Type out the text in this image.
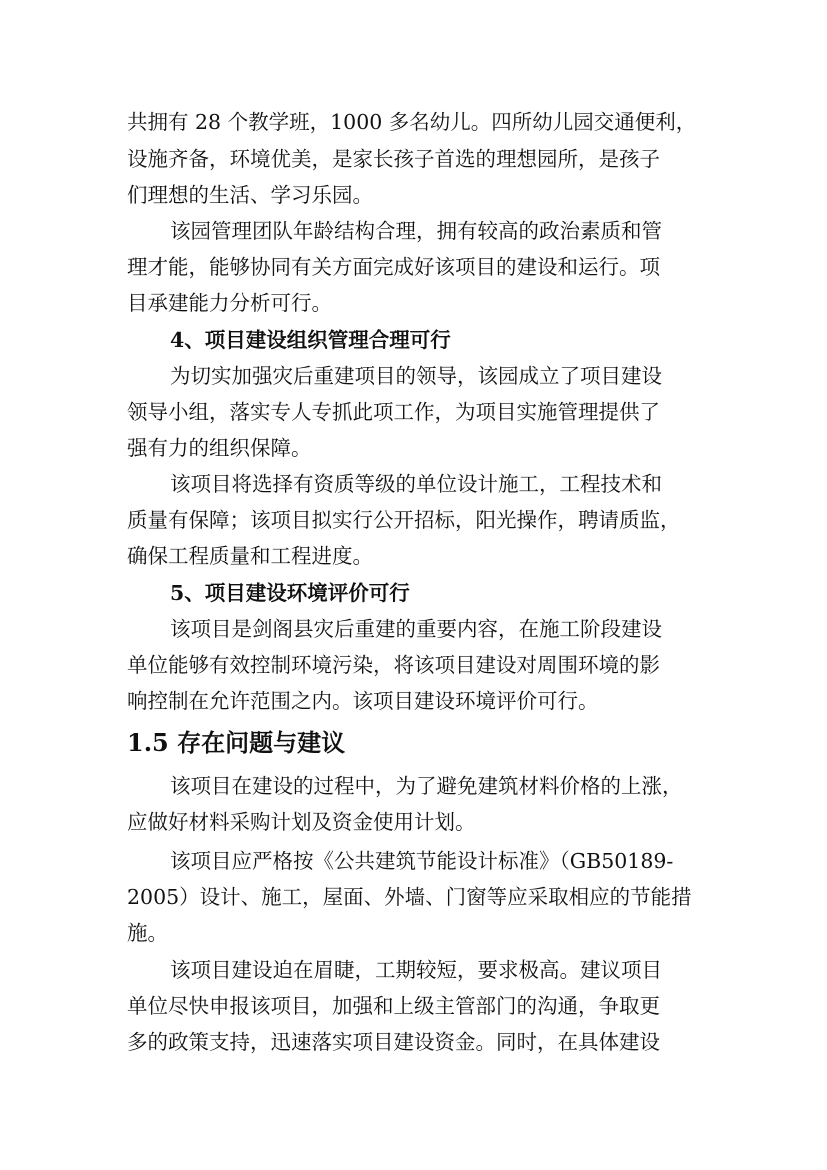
共拥有 28 个教学班，1000 多名幼儿。四所幼儿园交通便利，

设施齐备，环境优美，是家长孩子首选的理想园所，是孩子

们理想的生活、学习乐园。

该园管理团队年龄结构合理，拥有较高的政治素质和管

理才能，能够协同有关方面完成好该项目的建设和运行。项

目承建能力分析可行。

4、项目建设组织管理合理可行

为切实加强灾后重建项目的领导，该园成立了项目建设

领导小组，落实专人专抓此项工作，为项目实施管理提供了

强有力的组织保障。

该项目将选择有资质等级的单位设计施工，工程技术和

质量有保障；该项目拟实行公开招标，阳光操作，聘请质监，

确保工程质量和工程进度。

5、项目建设环境评价可行

该项目是剑阁县灾后重建的重要内容，在施工阶段建设

单位能够有效控制环境污染，将该项目建设对周围环境的影

响控制在允许范围之内。该项目建设环境评价可行。

1.5 存在问题与建议

该项目在建设的过程中，为了避免建筑材料价格的上涨，

应做好材料采购计划及资金使用计划。

该项目应严格按《公共建筑节能设计标准》（GB50189-

2005）设计、施工，屋面、外墙、门窗等应采取相应的节能措

施。

该项目建设迫在眉睫，工期较短，要求极高。建议项目

单位尽快申报该项目，加强和上级主管部门的沟通，争取更

多的政策支持，迅速落实项目建设资金。同时，在具体建设
